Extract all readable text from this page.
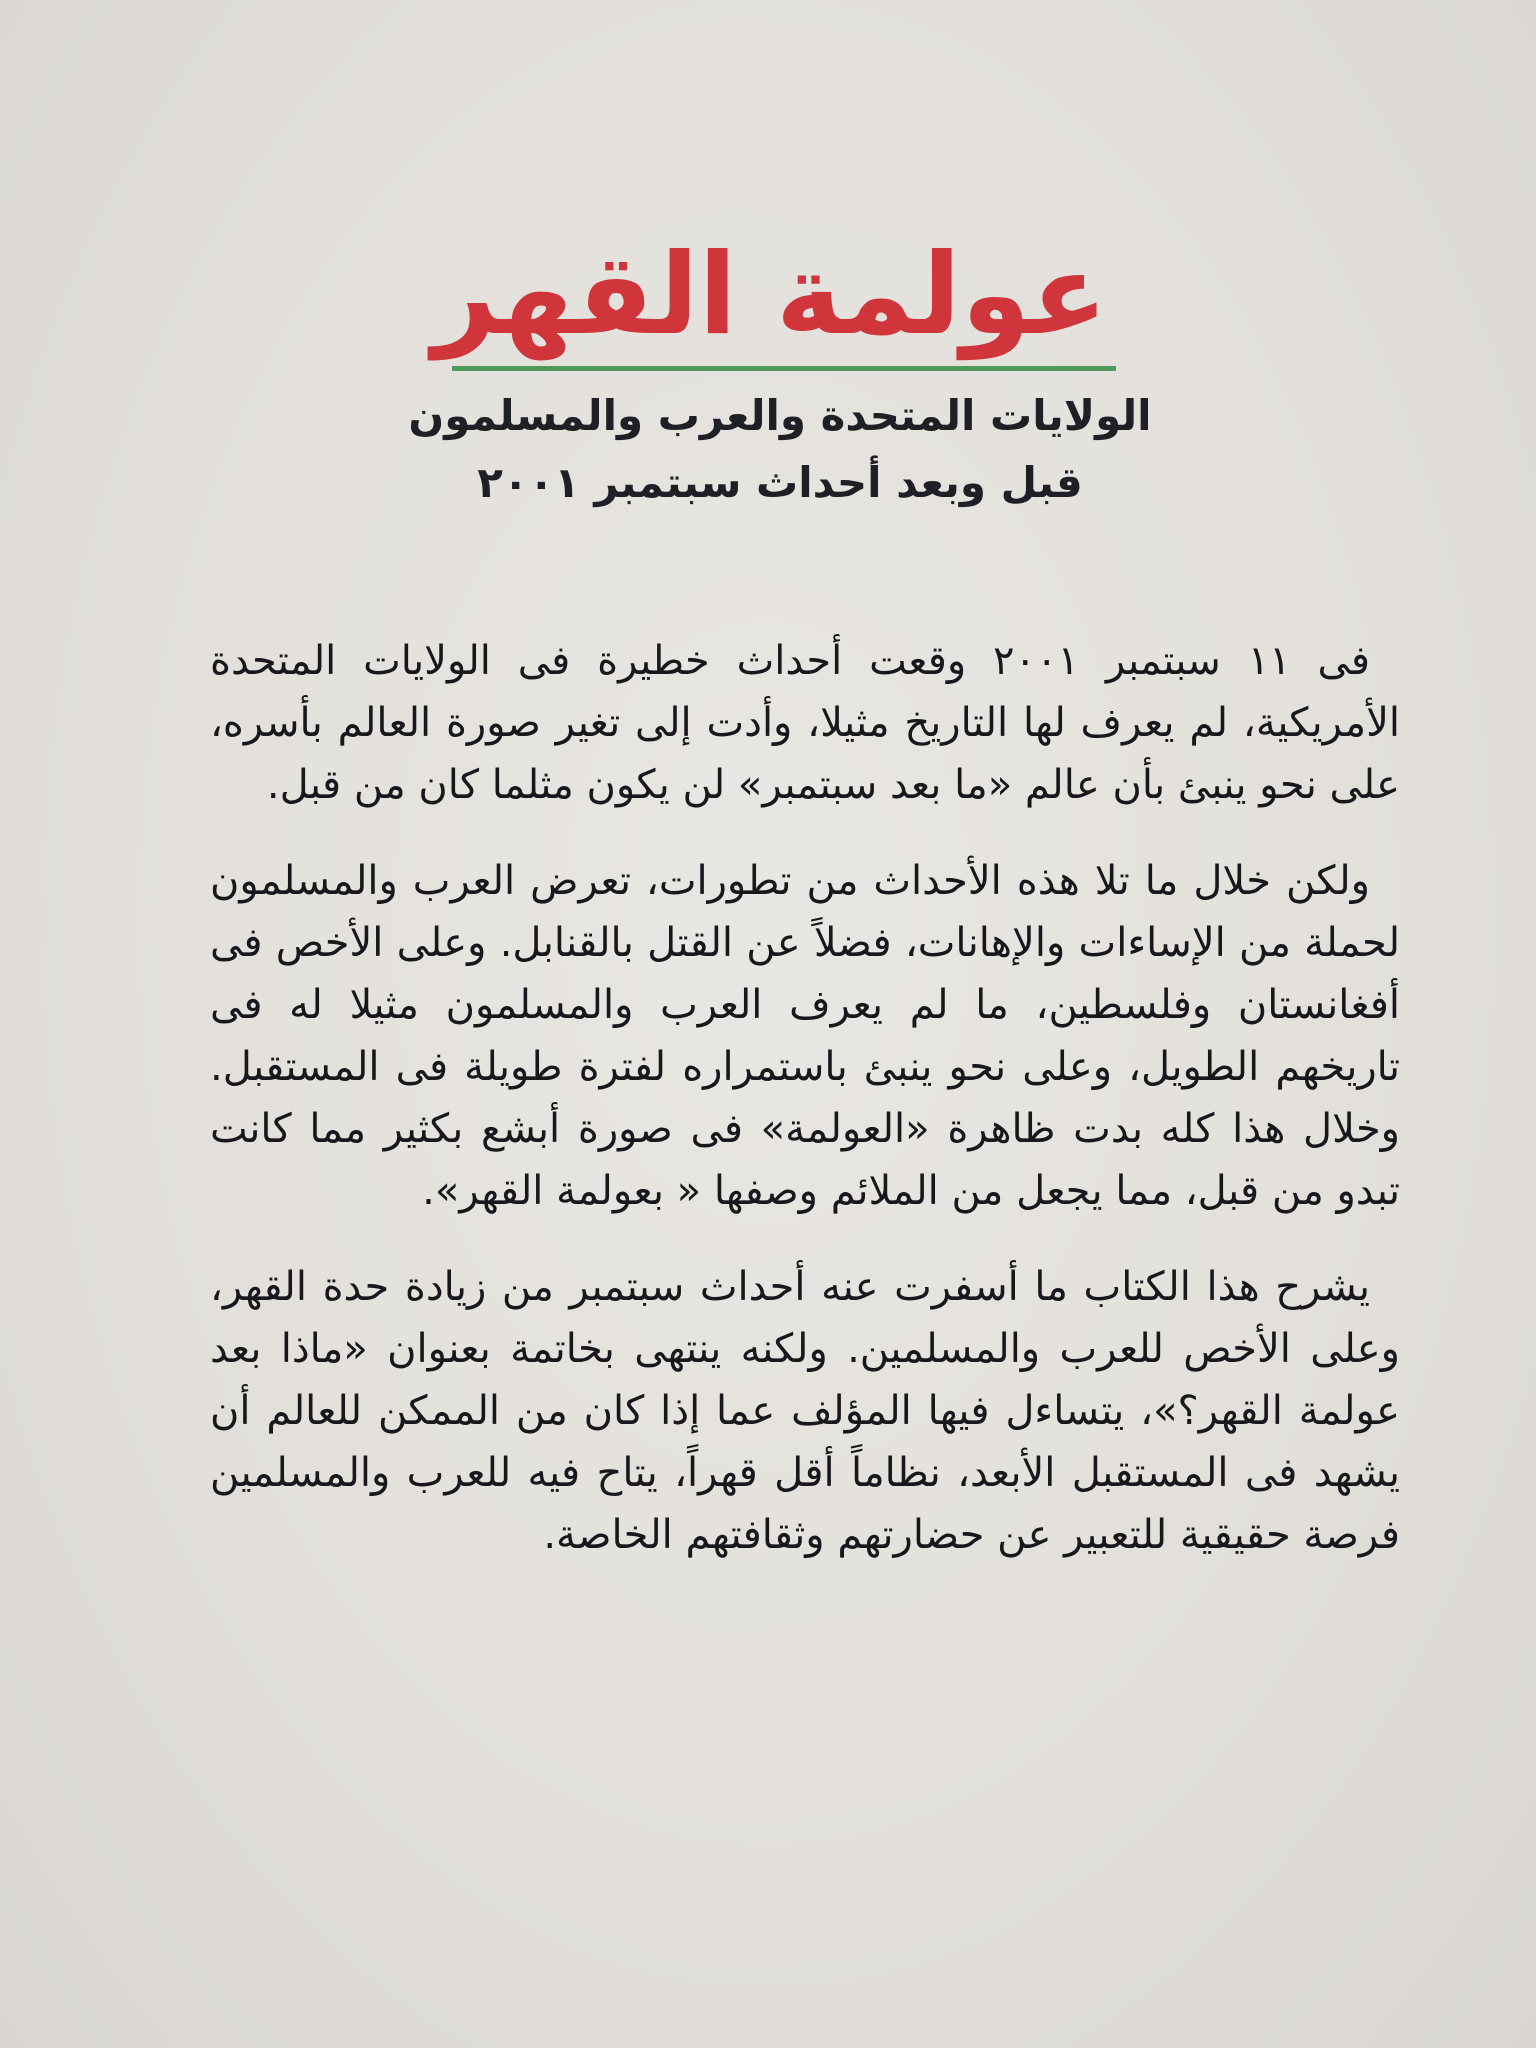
عولمة القهر
الولايات المتحدة والعرب والمسلمون
قبل وبعد أحداث سبتمبر ٢٠٠١

فى ١١ سبتمبر ٢٠٠١ وقعت أحداث خطيرة فى الولايات المتحدة الأمريكية، لم يعرف لها التاريخ مثيلا، وأدت إلى تغير صورة العالم بأسره، على نحو ينبئ بأن عالم «ما بعد سبتمبر» لن يكون مثلما كان من قبل.

ولكن خلال ما تلا هذه الأحداث من تطورات، تعرض العرب والمسلمون لحملة من الإساءات والإهانات، فضلاً عن القتل بالقنابل. وعلى الأخص فى أفغانستان وفلسطين، ما لم يعرف العرب والمسلمون مثيلا له فى تاريخهم الطويل، وعلى نحو ينبئ باستمراره لفترة طويلة فى المستقبل. وخلال هذا كله بدت ظاهرة «العولمة» فى صورة أبشع بكثير مما كانت تبدو من قبل، مما يجعل من الملائم وصفها « بعولمة القهر».

يشرح هذا الكتاب ما أسفرت عنه أحداث سبتمبر من زيادة حدة القهر، وعلى الأخص للعرب والمسلمين. ولكنه ينتهى بخاتمة بعنوان «ماذا بعد عولمة القهر؟»، يتساءل فيها المؤلف عما إذا كان من الممكن للعالم أن يشهد فى المستقبل الأبعد، نظاماً أقل قهراً، يتاح فيه للعرب والمسلمين فرصة حقيقية للتعبير عن حضارتهم وثقافتهم الخاصة.
